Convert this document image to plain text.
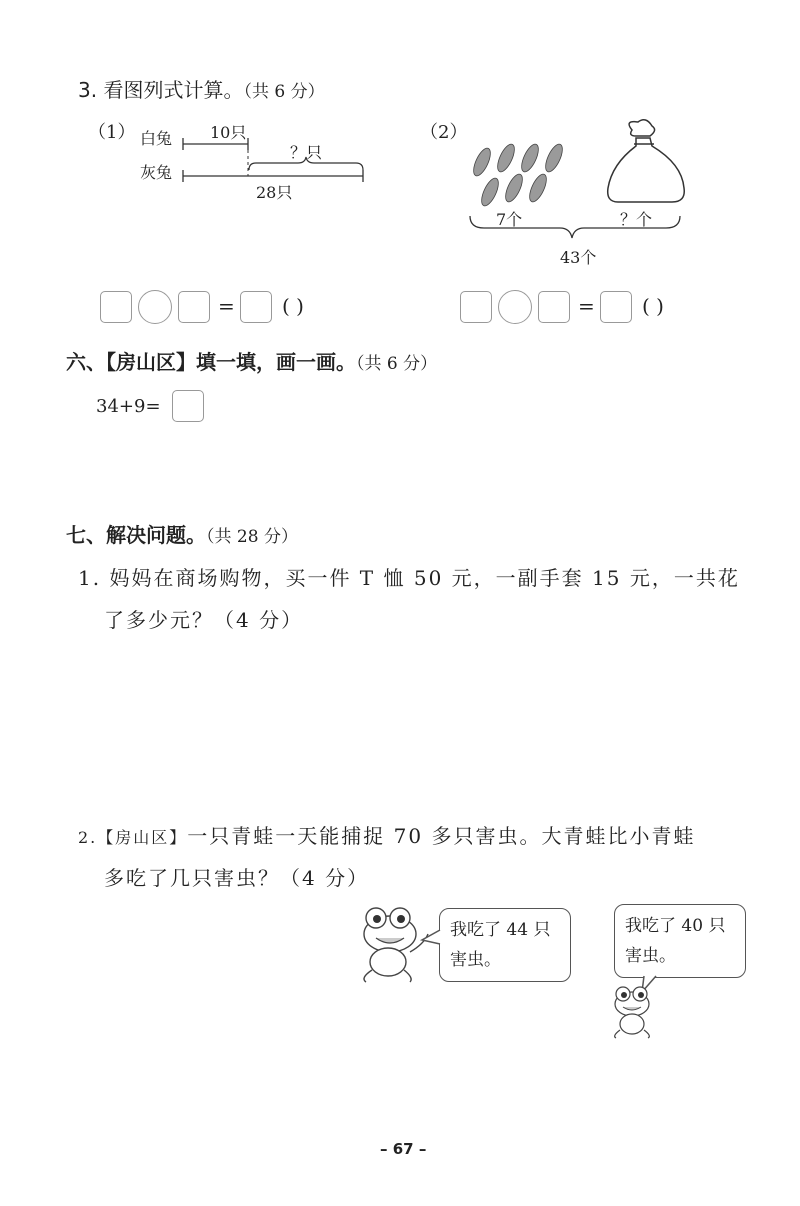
3. 看图列式计算。（共 6 分）
（1） 白兔
灰兔
10只
？只
28只
（2）
7个	？个
43个
= ( )	= ( )
六、【房山区】填一填，画一画。（共 6 分）
34+9=
七、解决问题。（共 28 分）
1. 妈妈在商场购物，买一件 T 恤 50 元，一副手套 15 元，一共花
了多少元？（4 分）
2.【房山区】一只青蛙一天能捕捉 70 多只害虫。大青蛙比小青蛙
多吃了几只害虫？（4 分）
我吃了 44 只
害虫。
我吃了 40 只
害虫。
– 67 –
